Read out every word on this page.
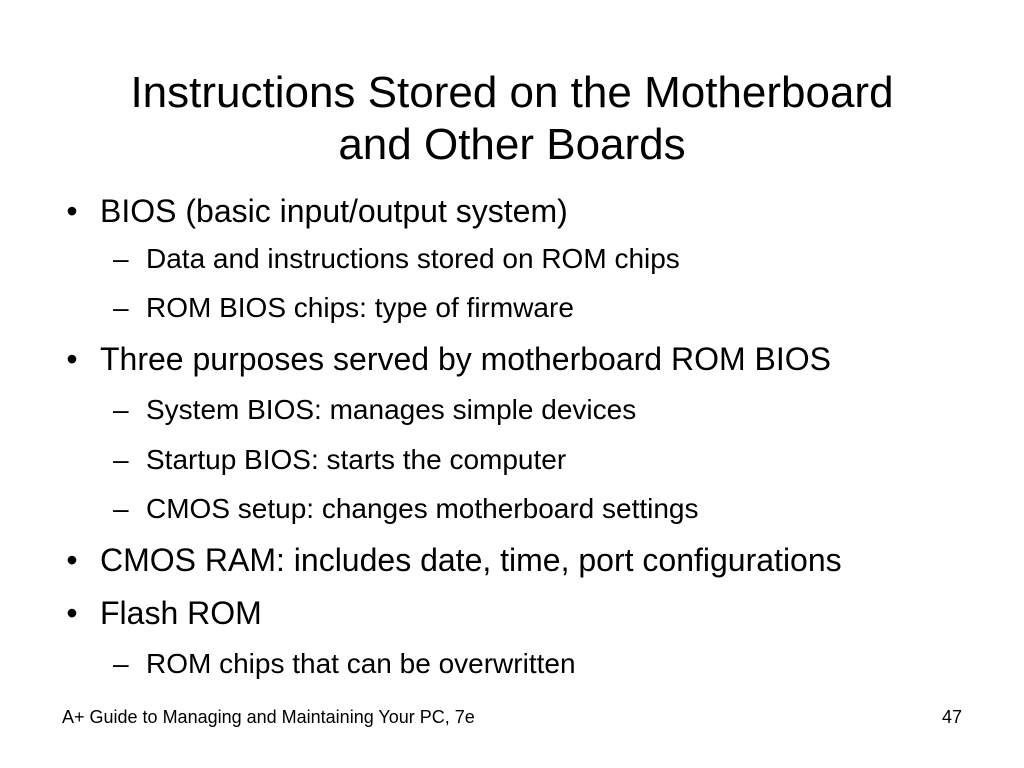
Instructions Stored on the Motherboard
and Other Boards
• BIOS (basic input/output system)
– Data and instructions stored on ROM chips
– ROM BIOS chips: type of firmware
• Three purposes served by motherboard ROM BIOS
– System BIOS: manages simple devices
– Startup BIOS: starts the computer
– CMOS setup: changes motherboard settings
• CMOS RAM: includes date, time, port configurations
• Flash ROM
– ROM chips that can be overwritten
A+ Guide to Managing and Maintaining Your PC, 7e	47
